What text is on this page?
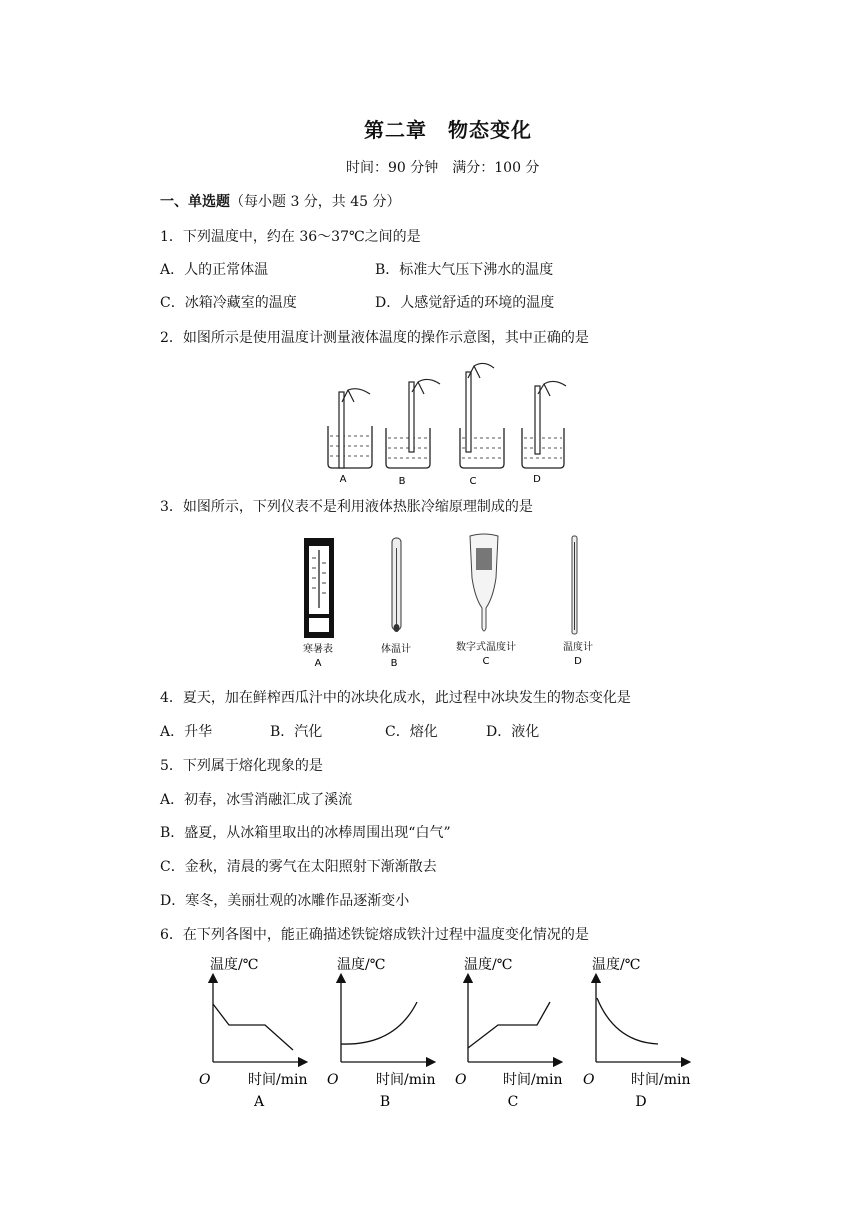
第二章　物态变化
时间：90 分钟　满分：100 分
一、单选题（每小题 3 分，共 45 分）
1．下列温度中，约在 36～37℃之间的是
A．人的正常体温	B．标准大气压下沸水的温度
C．冰箱冷藏室的温度	D．人感觉舒适的环境的温度
2．如图所示是使用温度计测量液体温度的操作示意图，其中正确的是
A	B	C	D
3．如图所示，下列仪表不是利用液体热胀冷缩原理制成的是
寒暑表	体温计	数字式温度计	温度计
A	B	C	D
4．夏天，加在鲜榨西瓜汁中的冰块化成水，此过程中冰块发生的物态变化是
A．升华	B．汽化	C．熔化	D．液化
5．下列属于熔化现象的是
A．初春，冰雪消融汇成了溪流
B．盛夏，从冰箱里取出的冰棒周围出现“白气”
C．金秋，清晨的雾气在太阳照射下渐渐散去
D．寒冬，美丽壮观的冰雕作品逐渐变小
6．在下列各图中，能正确描述铁锭熔成铁汁过程中温度变化情况的是
温度/℃
O	时间/min
A
温度/℃
O	时间/min
B
温度/℃
O	时间/min
C
温度/℃
O	时间/min
D
